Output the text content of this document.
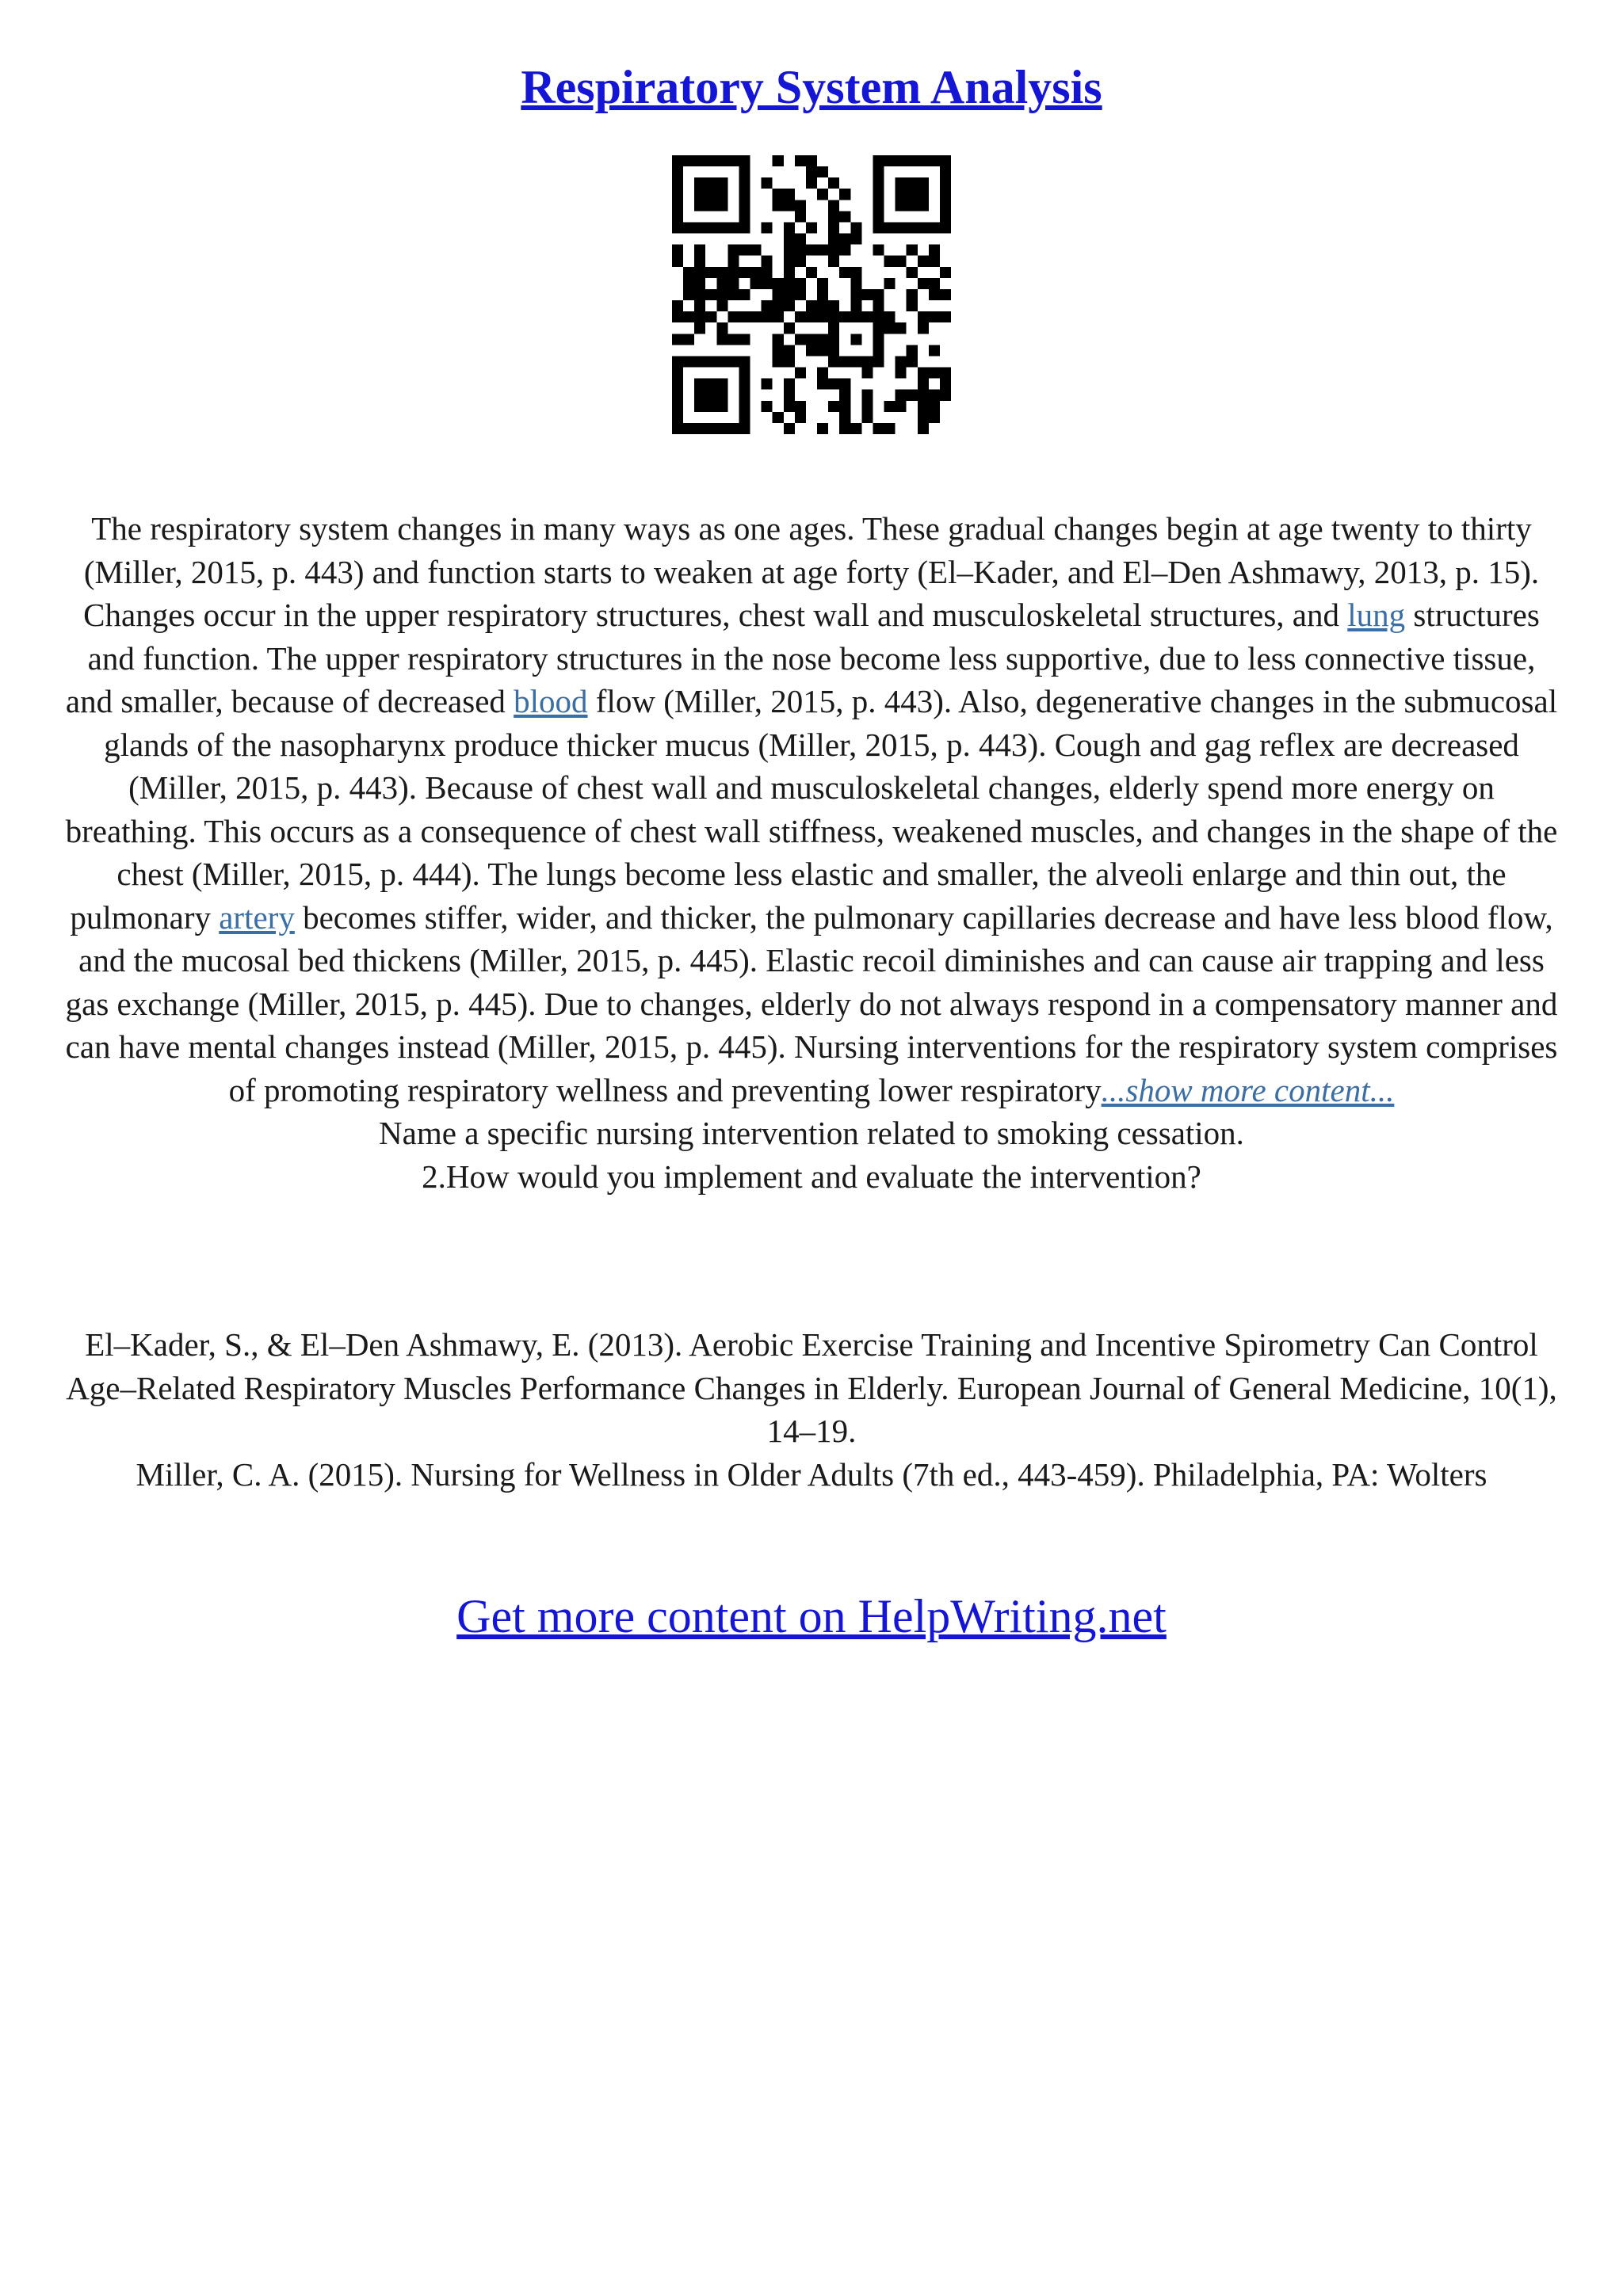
Respiratory System Analysis
The respiratory system changes in many ways as one ages. These gradual changes begin at age twenty to thirty (Miller, 2015, p. 443) and function starts to weaken at age forty (El–Kader, and El–Den Ashmawy, 2013, p. 15). Changes occur in the upper respiratory structures, chest wall and musculoskeletal structures, and lung structures and function. The upper respiratory structures in the nose become less supportive, due to less connective tissue, and smaller, because of decreased blood flow (Miller, 2015, p. 443). Also, degenerative changes in the submucosal glands of the nasopharynx produce thicker mucus (Miller, 2015, p. 443). Cough and gag reflex are decreased (Miller, 2015, p. 443). Because of chest wall and musculoskeletal changes, elderly spend more energy on breathing. This occurs as a consequence of chest wall stiffness, weakened muscles, and changes in the shape of the chest (Miller, 2015, p. 444). The lungs become less elastic and smaller, the alveoli enlarge and thin out, the pulmonary artery becomes stiffer, wider, and thicker, the pulmonary capillaries decrease and have less blood flow, and the mucosal bed thickens (Miller, 2015, p. 445). Elastic recoil diminishes and can cause air trapping and less gas exchange (Miller, 2015, p. 445). Due to changes, elderly do not always respond in a compensatory manner and can have mental changes instead (Miller, 2015, p. 445). Nursing interventions for the respiratory system comprises of promoting respiratory wellness and preventing lower respiratory...show more content...
Name a specific nursing intervention related to smoking cessation.
2.How would you implement and evaluate the intervention?
El–Kader, S., & El–Den Ashmawy, E. (2013). Aerobic Exercise Training and Incentive Spirometry Can Control Age–Related Respiratory Muscles Performance Changes in Elderly. European Journal of General Medicine, 10(1), 14–19.
Miller, C. A. (2015). Nursing for Wellness in Older Adults (7th ed., 443-459). Philadelphia, PA: Wolters
Get more content on HelpWriting.net
